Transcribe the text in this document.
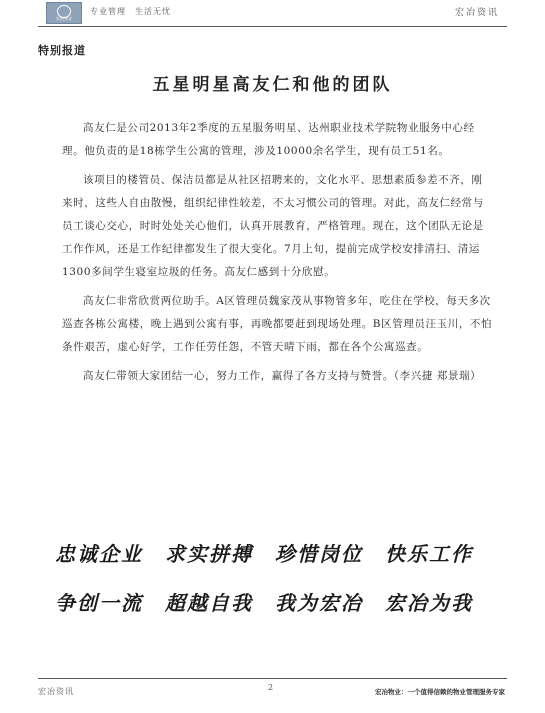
宏冶物业
专业管理　生活无忧	宏冶资讯
特别报道
五星明星高友仁和他的团队

高友仁是公司2013年2季度的五星服务明星、达州职业技术学院物业服务中心经理。他负责的是18栋学生公寓的管理，涉及10000余名学生，现有员工51名。

该项目的楼管员、保洁员都是从社区招聘来的，文化水平、思想素质参差不齐，刚来时，这些人自由散慢，组织纪律性较差，不太习惯公司的管理。对此，高友仁经常与员工谈心交心，时时处处关心他们，认真开展教育，严格管理。现在，这个团队无论是工作作风，还是工作纪律都发生了很大变化。7月上旬，提前完成学校安排清扫、清运1300多间学生寝室垃圾的任务。高友仁感到十分欣慰。

高友仁非常欣赏两位助手。A区管理员魏家茂从事物管多年，吃住在学校，每天多次巡查各栋公寓楼，晚上遇到公寓有事，再晚都要赶到现场处理。B区管理员汪玉川，不怕条件艰苦，虚心好学，工作任劳任怨，不管天晴下雨，都在各个公寓巡查。

高友仁带领大家团结一心，努力工作，赢得了各方支持与赞誉。（李兴捷 郑景瑞）

忠诚企业	求实拼搏	珍惜岗位	快乐工作
争创一流	超越自我	我为宏冶	宏冶为我
宏冶资讯	2	宏冶物业：一个值得信赖的物业管理服务专家
